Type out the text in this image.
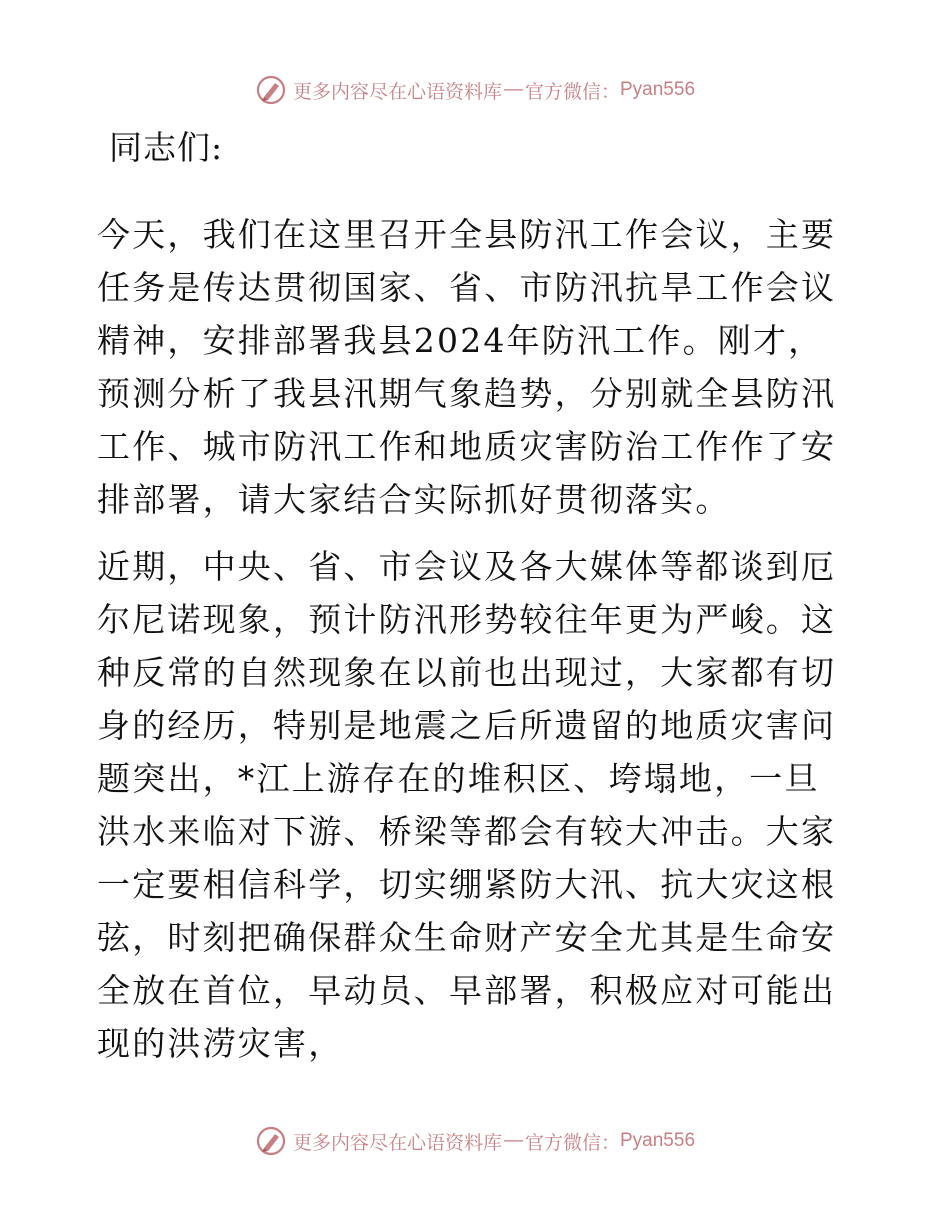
更多内容尽在心语资料库 — 官方微信： Pyan556
同志们:

今天，我们在这里召开全县防汛工作会议，主要任务是传达贯彻国家、省、市防汛抗旱工作会议精神，安排部署我县2024年防汛工作。刚才，预测分析了我县汛期气象趋势，分别就全县防汛工作、城市防汛工作和地质灾害防治工作作了安排部署，请大家结合实际抓好贯彻落实。

近期，中央、省、市会议及各大媒体等都谈到厄尔尼诺现象，预计防汛形势较往年更为严峻。这种反常的自然现象在以前也出现过，大家都有切身的经历，特别是地震之后所遗留的地质灾害问题突出，*江上游存在的堆积区、垮塌地，一旦洪水来临对下游、桥梁等都会有较大冲击。大家一定要相信科学，切实绷紧防大汛、抗大灾这根弦，时刻把确保群众生命财产安全尤其是生命安全放在首位，早动员、早部署，积极应对可能出现的洪涝灾害，

更多内容尽在心语资料库 — 官方微信： Pyan556
